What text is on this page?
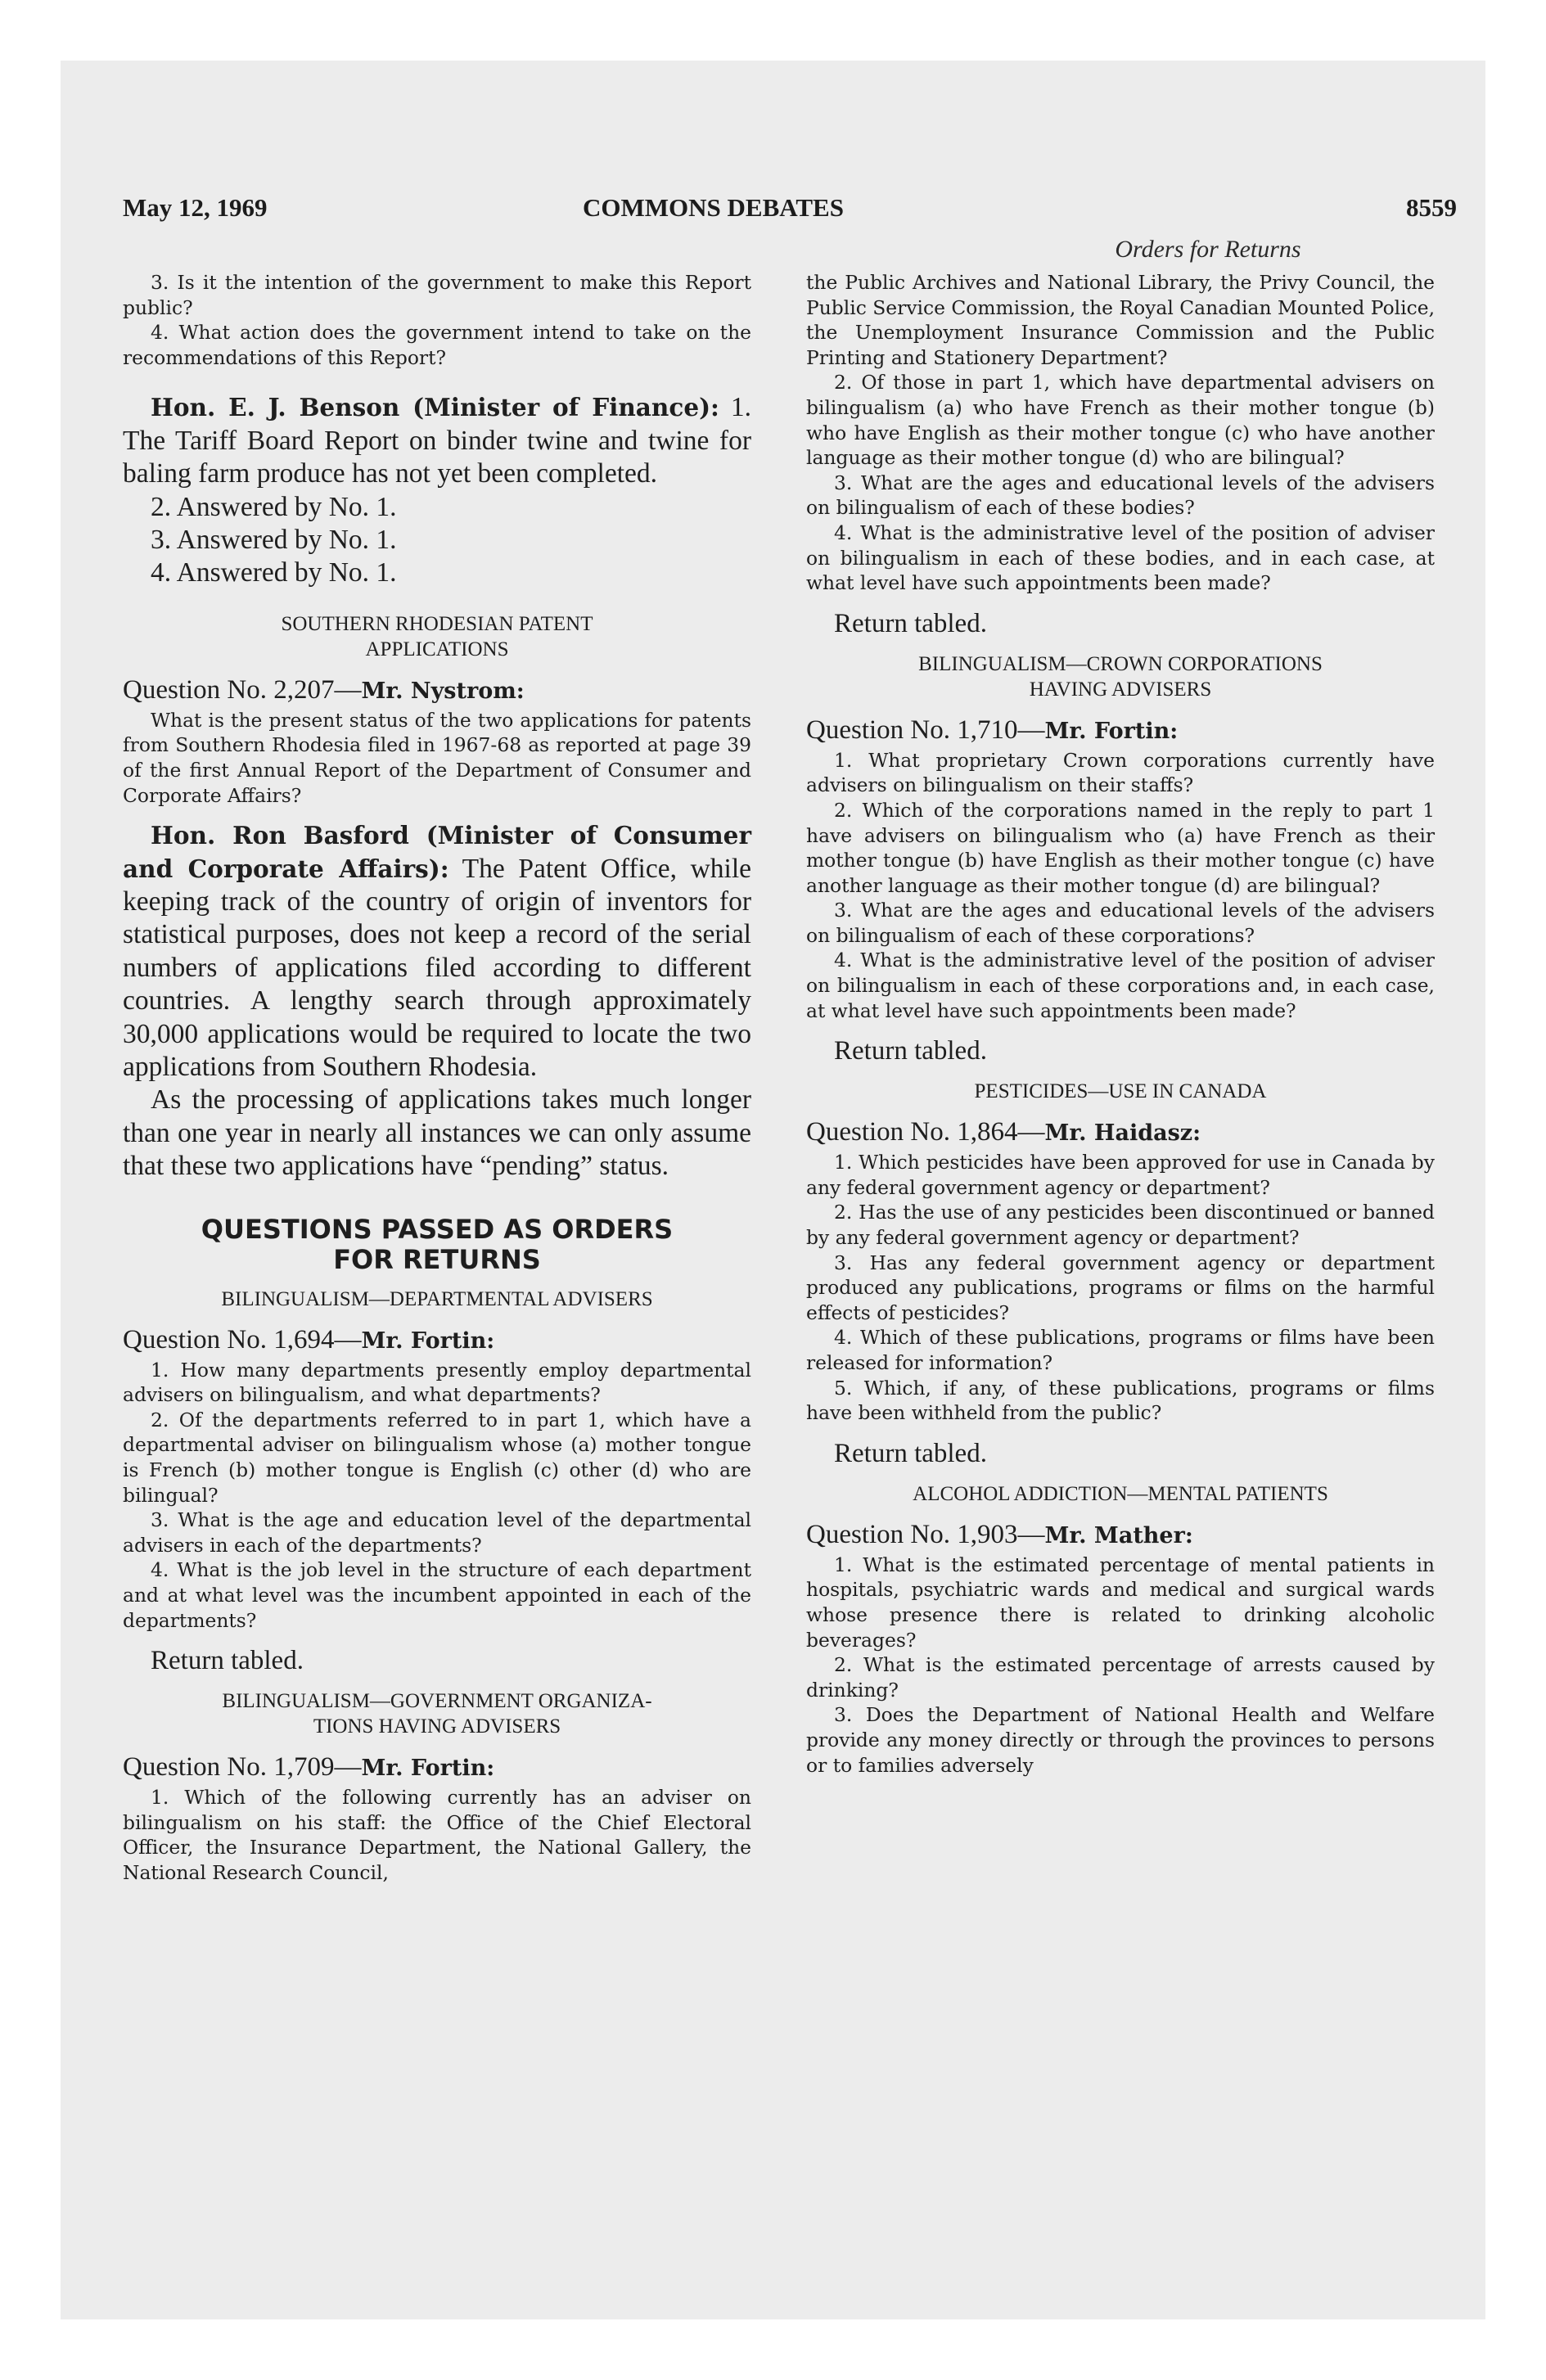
May 12, 1969	COMMONS DEBATES	8559
Orders for Returns

3. Is it the intention of the government to make this Report public?

4. What action does the government intend to take on the recommendations of this Report?

Hon. E. J. Benson (Minister of Finance): 1. The Tariff Board Report on binder twine and twine for baling farm produce has not yet been completed.

2. Answered by No. 1.

3. Answered by No. 1.

4. Answered by No. 1.

SOUTHERN RHODESIAN PATENT

APPLICATIONS

Question No. 2,207—Mr. Nystrom:

What is the present status of the two applications for patents from Southern Rhodesia filed in 1967-68 as reported at page 39 of the first Annual Report of the Department of Consumer and Corporate Affairs?

Hon. Ron Basford (Minister of Consumer and Corporate Affairs): The Patent Office, while keeping track of the country of origin of inventors for statistical purposes, does not keep a record of the serial numbers of applications filed according to different countries. A lengthy search through approximately 30,000 applications would be required to locate the two applications from Southern Rhodesia.

As the processing of applications takes much longer than one year in nearly all instances we can only assume that these two applications have “pending” status.

QUESTIONS PASSED AS ORDERS

FOR RETURNS

BILINGUALISM—DEPARTMENTAL ADVISERS

Question No. 1,694—Mr. Fortin:

1. How many departments presently employ departmental advisers on bilingualism, and what departments?

2. Of the departments referred to in part 1, which have a departmental adviser on bilingualism whose (a) mother tongue is French (b) mother tongue is English (c) other (d) who are bilingual?

3. What is the age and education level of the departmental advisers in each of the departments?

4. What is the job level in the structure of each department and at what level was the incumbent appointed in each of the departments?

Return tabled.

BILINGUALISM—GOVERNMENT ORGANIZA-

TIONS HAVING ADVISERS

Question No. 1,709—Mr. Fortin:

1. Which of the following currently has an adviser on bilingualism on his staff: the Office of the Chief Electoral Officer, the Insurance Department, the National Gallery, the National Research Council,

the Public Archives and National Library, the Privy Council, the Public Service Commission, the Royal Canadian Mounted Police, the Unemployment Insurance Commission and the Public Printing and Stationery Department?

2. Of those in part 1, which have departmental advisers on bilingualism (a) who have French as their mother tongue (b) who have English as their mother tongue (c) who have another language as their mother tongue (d) who are bilingual?

3. What are the ages and educational levels of the advisers on bilingualism of each of these bodies?

4. What is the administrative level of the position of adviser on bilingualism in each of these bodies, and in each case, at what level have such appointments been made?

Return tabled.

BILINGUALISM—CROWN CORPORATIONS

HAVING ADVISERS

Question No. 1,710—Mr. Fortin:

1. What proprietary Crown corporations currently have advisers on bilingualism on their staffs?

2. Which of the corporations named in the reply to part 1 have advisers on bilingualism who (a) have French as their mother tongue (b) have English as their mother tongue (c) have another language as their mother tongue (d) are bilingual?

3. What are the ages and educational levels of the advisers on bilingualism of each of these corporations?

4. What is the administrative level of the position of adviser on bilingualism in each of these corporations and, in each case, at what level have such appointments been made?

Return tabled.

PESTICIDES—USE IN CANADA

Question No. 1,864—Mr. Haidasz:

1. Which pesticides have been approved for use in Canada by any federal government agency or department?

2. Has the use of any pesticides been discontinued or banned by any federal government agency or department?

3. Has any federal government agency or department produced any publications, programs or films on the harmful effects of pesticides?

4. Which of these publications, programs or films have been released for information?

5. Which, if any, of these publications, programs or films have been withheld from the public?

Return tabled.

ALCOHOL ADDICTION—MENTAL PATIENTS

Question No. 1,903—Mr. Mather:

1. What is the estimated percentage of mental patients in hospitals, psychiatric wards and medical and surgical wards whose presence there is related to drinking alcoholic beverages?

2. What is the estimated percentage of arrests caused by drinking?

3. Does the Department of National Health and Welfare provide any money directly or through the provinces to persons or to families adversely
